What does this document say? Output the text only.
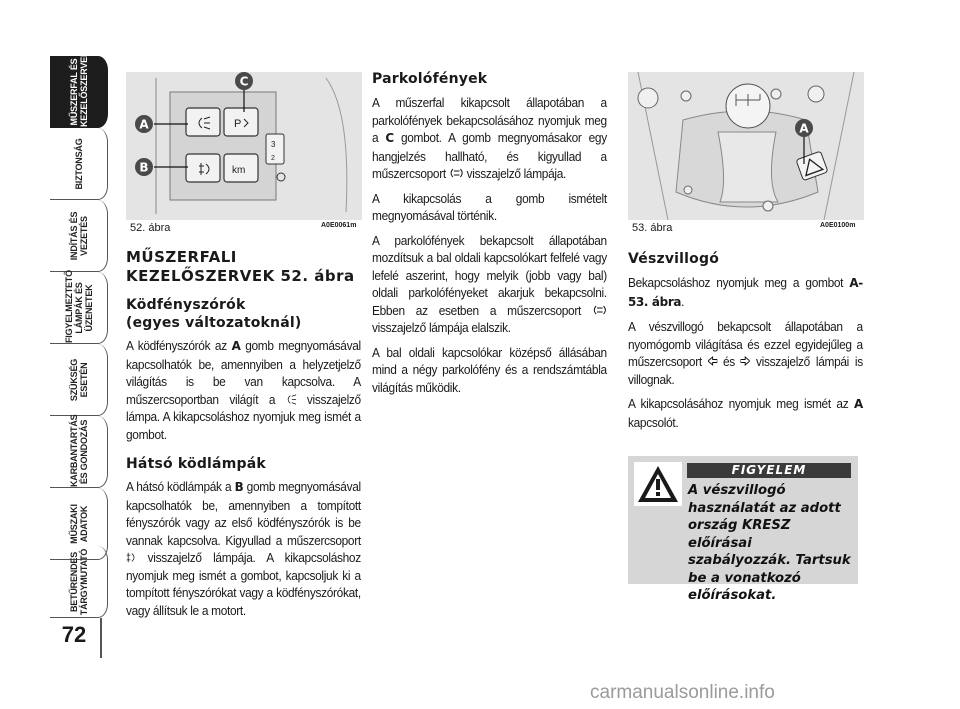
MŰSZERFAL ÉS
KEZELŐSZERVEK
BIZTONSÁG
INDÍTÁS ÉS
VEZETÉS
FIGYELMEZTETŐ
LÁMPÁK ÉS
ÜZENETEK
SZÜKSÉG
ESETÉN
KARBANTARTÁS
ÉS GONDOZÁS
MŰSZAKI
ADATOK
BETŰRENDES
TÁRGYMUTATÓ
72
P
km
3
2
A
B
C
52. ábra	A0E0061m
A
53. ábra	A0E0100m
MŰSZERFALI
KEZELŐSZERVEK 52. ábra
Ködfényszórók
(egyes változatoknál)

A ködfényszórók az A gomb megnyomásával kapcsolhatók be, amennyiben a helyzetjelző világítás is be van kapcsolva. A műszercsoportban világít a  visszajelző lámpa. A kikapcsoláshoz nyomjuk meg ismét a gombot.

Hátsó ködlámpák

A hátsó ködlámpák a B gomb megnyomásával kapcsolhatók be, amennyiben a tompított fényszórók vagy az első ködfényszórók is be vannak kapcsolva. Kigyullad a műszercsoport  visszajelző lámpája. A kikapcsoláshoz nyomjuk meg ismét a gombot, kapcsoljuk ki a tompított fényszórókat vagy a ködfényszórókat, vagy állítsuk le a motort.

Parkolófények

A műszerfal kikapcsolt állapotában a parkolófények bekapcsolásához nyomjuk meg a C gombot. A gomb megnyomásakor egy hangjelzés hallható, és kigyullad a műszercsoport  visszajelző lámpája.

A kikapcsolás a gomb ismételt megnyomásával történik.

A parkolófények bekapcsolt állapotában mozdítsuk a bal oldali kapcsolókart felfelé vagy lefelé aszerint, hogy melyik (jobb vagy bal) oldali parkolófényeket akarjuk bekapcsolni. Ebben az esetben a műszercsoport  visszajelző lámpája elalszik.

A bal oldali kapcsolókar középső állásában mind a négy parkolófény és a rendszámtábla világítás működik.

Vészvillogó

Bekapcsoláshoz nyomjuk meg a gombot A-53. ábra.

A vészvillogó bekapcsolt állapotában a nyomógomb világítása és ezzel egyidejűleg a műszercsoport  és  visszajelző lámpái is villognak.

A kikapcsolásához nyomjuk meg ismét az A kapcsolót.

FIGYELEM
A vészvillogó használatát az adott ország KRESZ előírásai szabályozzák. Tartsuk be a vonatkozó előírásokat.
carmanualsonline.info
